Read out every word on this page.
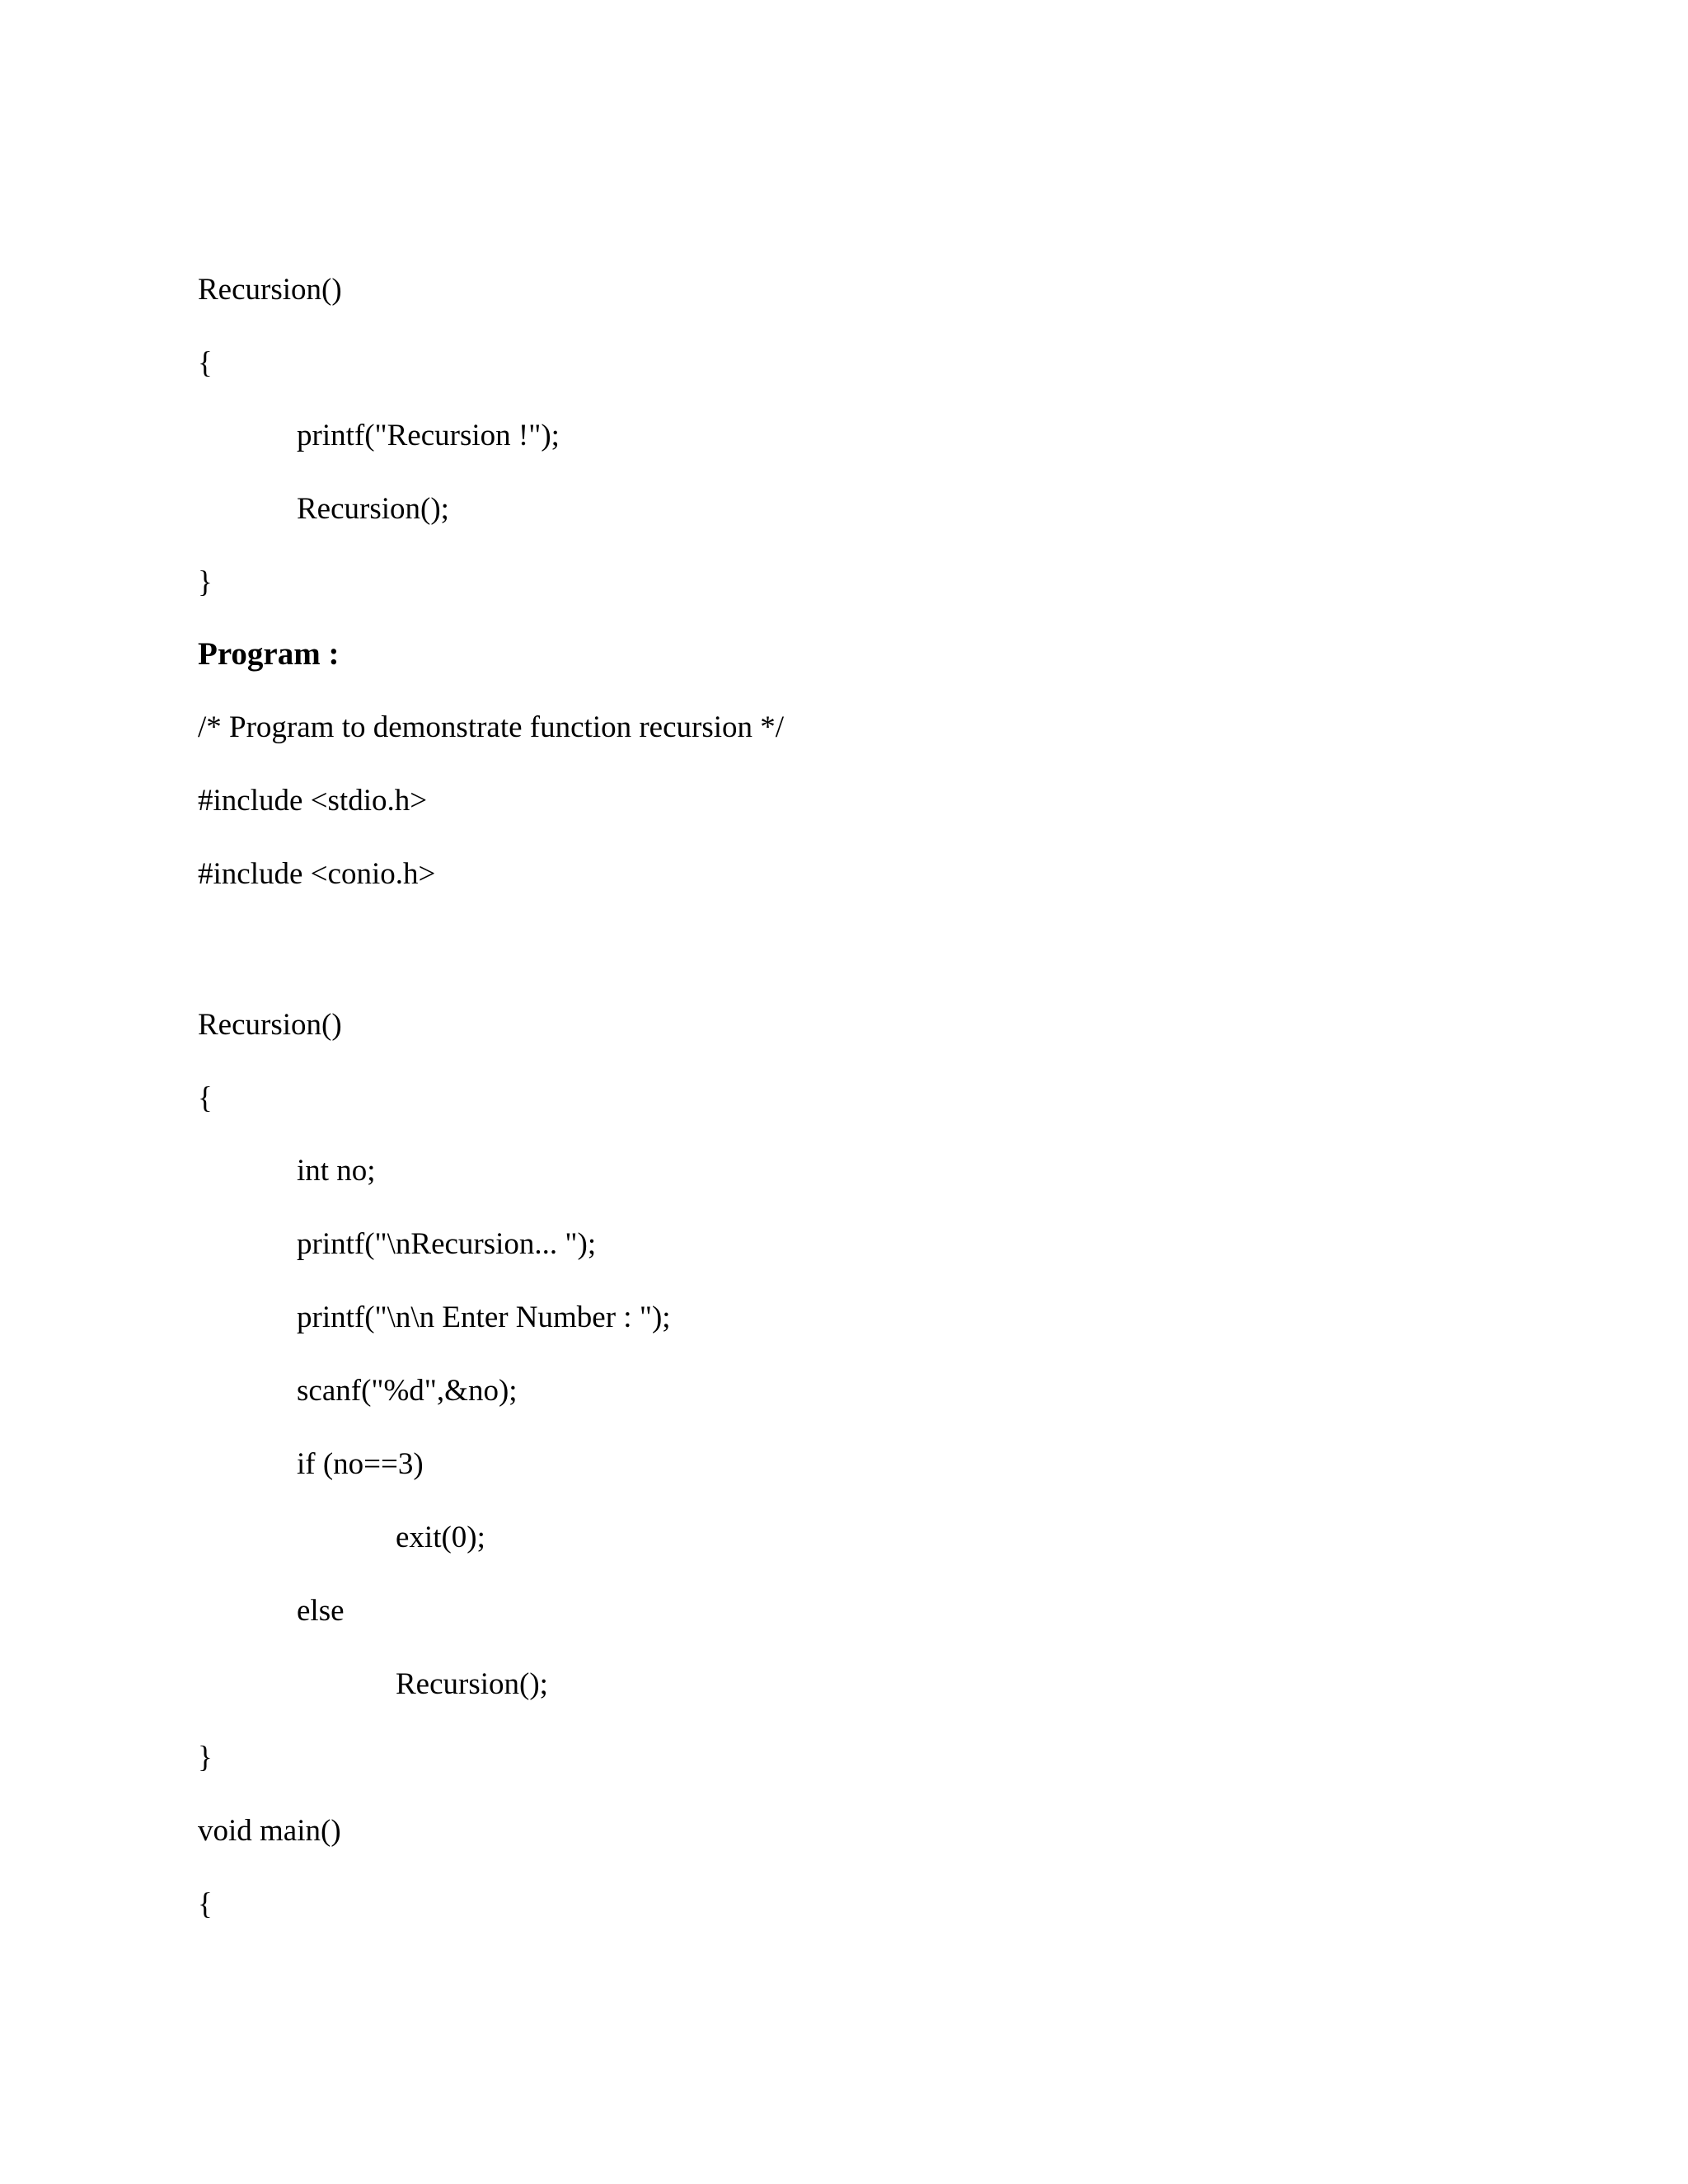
Recursion()
{
printf("Recursion !");
Recursion();
}
Program :
/* Program to demonstrate function recursion */
#include <stdio.h>
#include <conio.h>
Recursion()
{
int no;
printf("\nRecursion... ");
printf("\n\n Enter Number : ");
scanf("%d",&no);
if (no==3)
exit(0);
else
Recursion();
}
void main()
{
